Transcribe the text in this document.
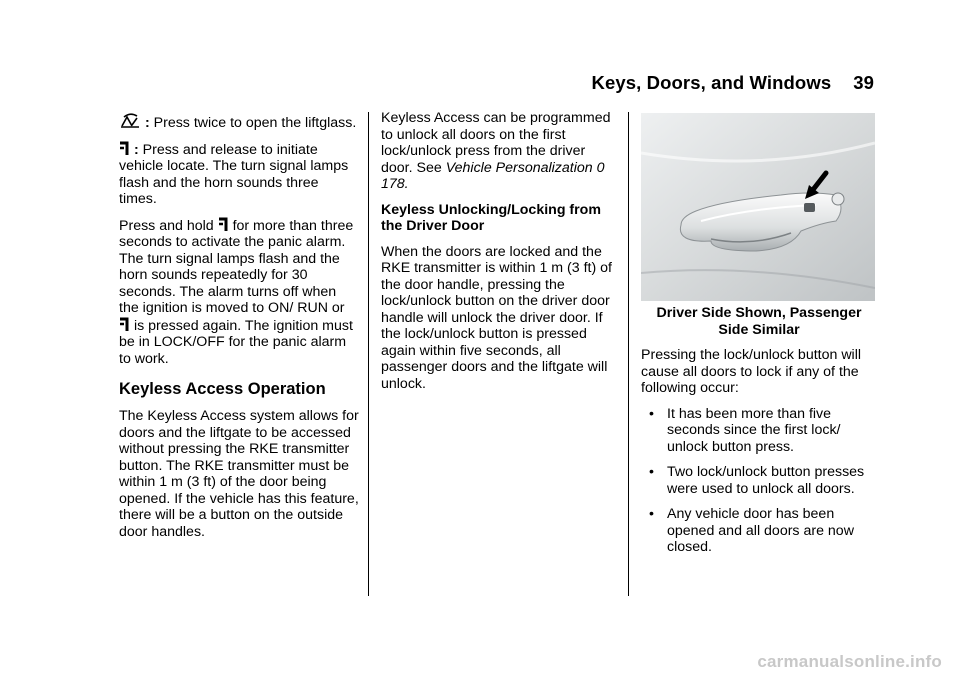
Keys, Doors, and Windows 39

: Press twice to open the liftglass.

: Press and release to initiate vehicle locate. The turn signal lamps flash and the horn sounds three times.

Press and hold for more than three seconds to activate the panic alarm. The turn signal lamps flash and the horn sounds repeatedly for 30 seconds. The alarm turns off when the ignition is moved to ON/ RUN or  is pressed again. The ignition must be in LOCK/OFF for the panic alarm to work.

Keyless Access Operation

The Keyless Access system allows for doors and the liftgate to be accessed without pressing the RKE transmitter button. The RKE transmitter must be within 1 m (3 ft) of the door being opened. If the vehicle has this feature, there will be a button on the outside door handles.

Keyless Access can be programmed to unlock all doors on the first lock/unlock press from the driver door. See Vehicle Personalization 0 178.

Keyless Unlocking/Locking from the Driver Door

When the doors are locked and the RKE transmitter is within 1 m (3 ft) of the door handle, pressing the lock/unlock button on the driver door handle will unlock the driver door. If the lock/unlock button is pressed again within five seconds, all passenger doors and the liftgate will unlock.

Driver Side Shown, Passenger Side Similar

Pressing the lock/unlock button will cause all doors to lock if any of the following occur:

• It has been more than five seconds since the first lock/ unlock button press.
• Two lock/unlock button presses were used to unlock all doors.
• Any vehicle door has been opened and all doors are now closed.
carmanualsonline.info
